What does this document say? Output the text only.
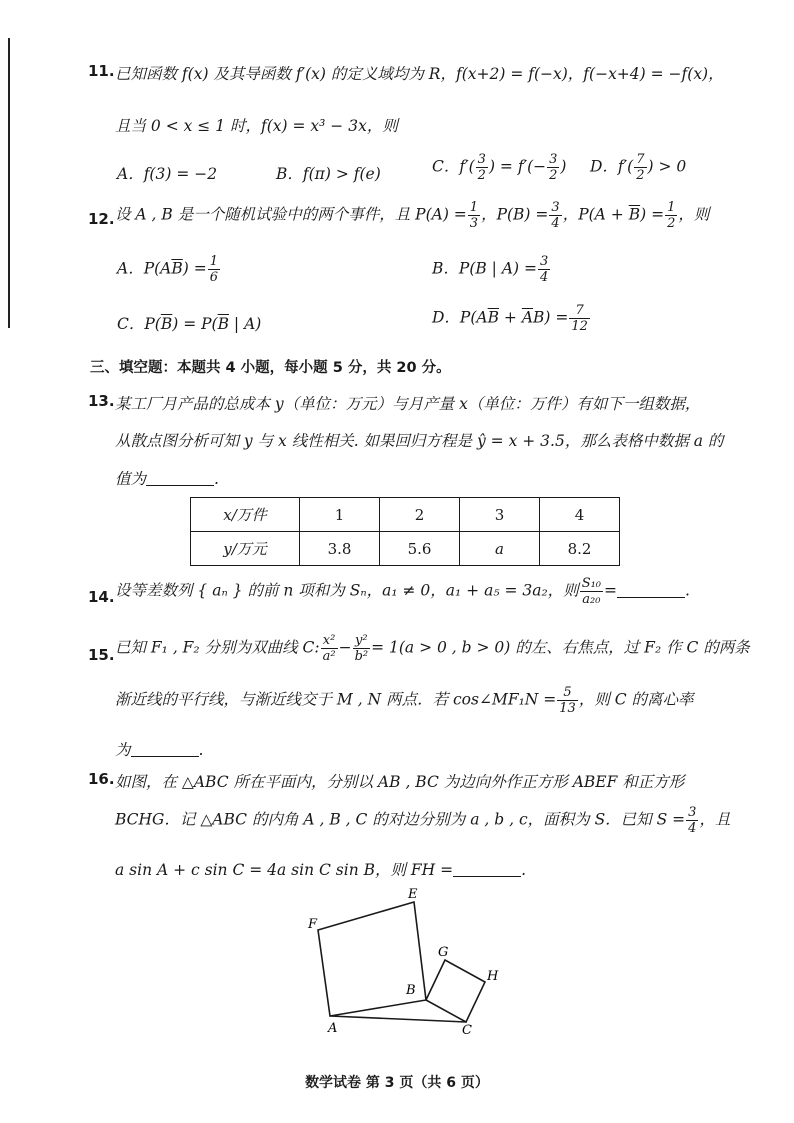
11. 已知函数 f(x) 及其导函数 f′(x) 的定义域均为 R，f(x+2) = f(−x)，f(−x+4) = −f(x)，
且当 0 < x ≤ 1 时，f(x) = x³ − 3x，则
A．f(3) = −2	B．f(π) > f(e)	C．$f'( \frac{3}{2}$ ) = $f'(- \frac{3}{2}$ ) D．$f'( \frac{7}{2}$ ) > 0
12. 设 A , B 是一个随机试验中的两个事件，且 $P(A) = \frac{1}{3}$ ，$P(B) = \frac{3}{4}$ ，$P(A + \overline{B}) = \frac{1}{2}$ ，则
A．$P(A\overline{B}) = \frac{1}{6}$	B．P(B | $A) = \frac{3}{4}$
C．$P(\overline{B}) = P(\overline{B}$ | A)	D．$P(A\overline{B} + \overline{A}B) = \frac{7}{12}$
三、填空题：本题共 4 小题，每小题 5 分，共 20 分。
13. 某工厂月产品的总成本 y（单位：万元）与月产量 x（单位：万件）有如下一组数据，
从散点图分析可知 y 与 x 线性相关. 如果回归方程是 ŷ = x + 3.5，那么表格中数据 a 的
值为	.
x/万件	1	2	3	4
y/万元	3.8	5.6	a	8.2
14. 设等差数列 { aₙ } 的前 n 项和为 Sₙ，a₁ ≠ 0，a₁ + a₅ = 3a₂，则 $\frac{\text{S₁₀}}{\text{a₂₀}}$ =	.
15. 已知 F₁ , F₂ 分别为双曲线 C: $\frac{\text{x²}}{\text{a²}} - \frac{\text{y²}}{\text{b²}} = 1(a > 0$ , b > 0) 的左、右焦点，过 F₂ 作 C 的两条
渐近线的平行线，与渐近线交于 M , N 两点．若 cos∠MF₁N = $\frac{5}{13}$ ，则 C 的离心率
为	.
16. 如图，在 △ABC 所在平面内，分别以 AB , BC 为边向外作正方形 ABEF 和正方形
BCHG．记 △ABC 的内角 A , B , C 的对边分别为 a , b , c，面积为 S．已知 $S = \frac{3}{4}$ ，且
a sin A + c sin C = 4a sin C sin B，则 FH =	.
E
F
G
H
B
A	C
数学试卷 第 3 页（共 6 页）
